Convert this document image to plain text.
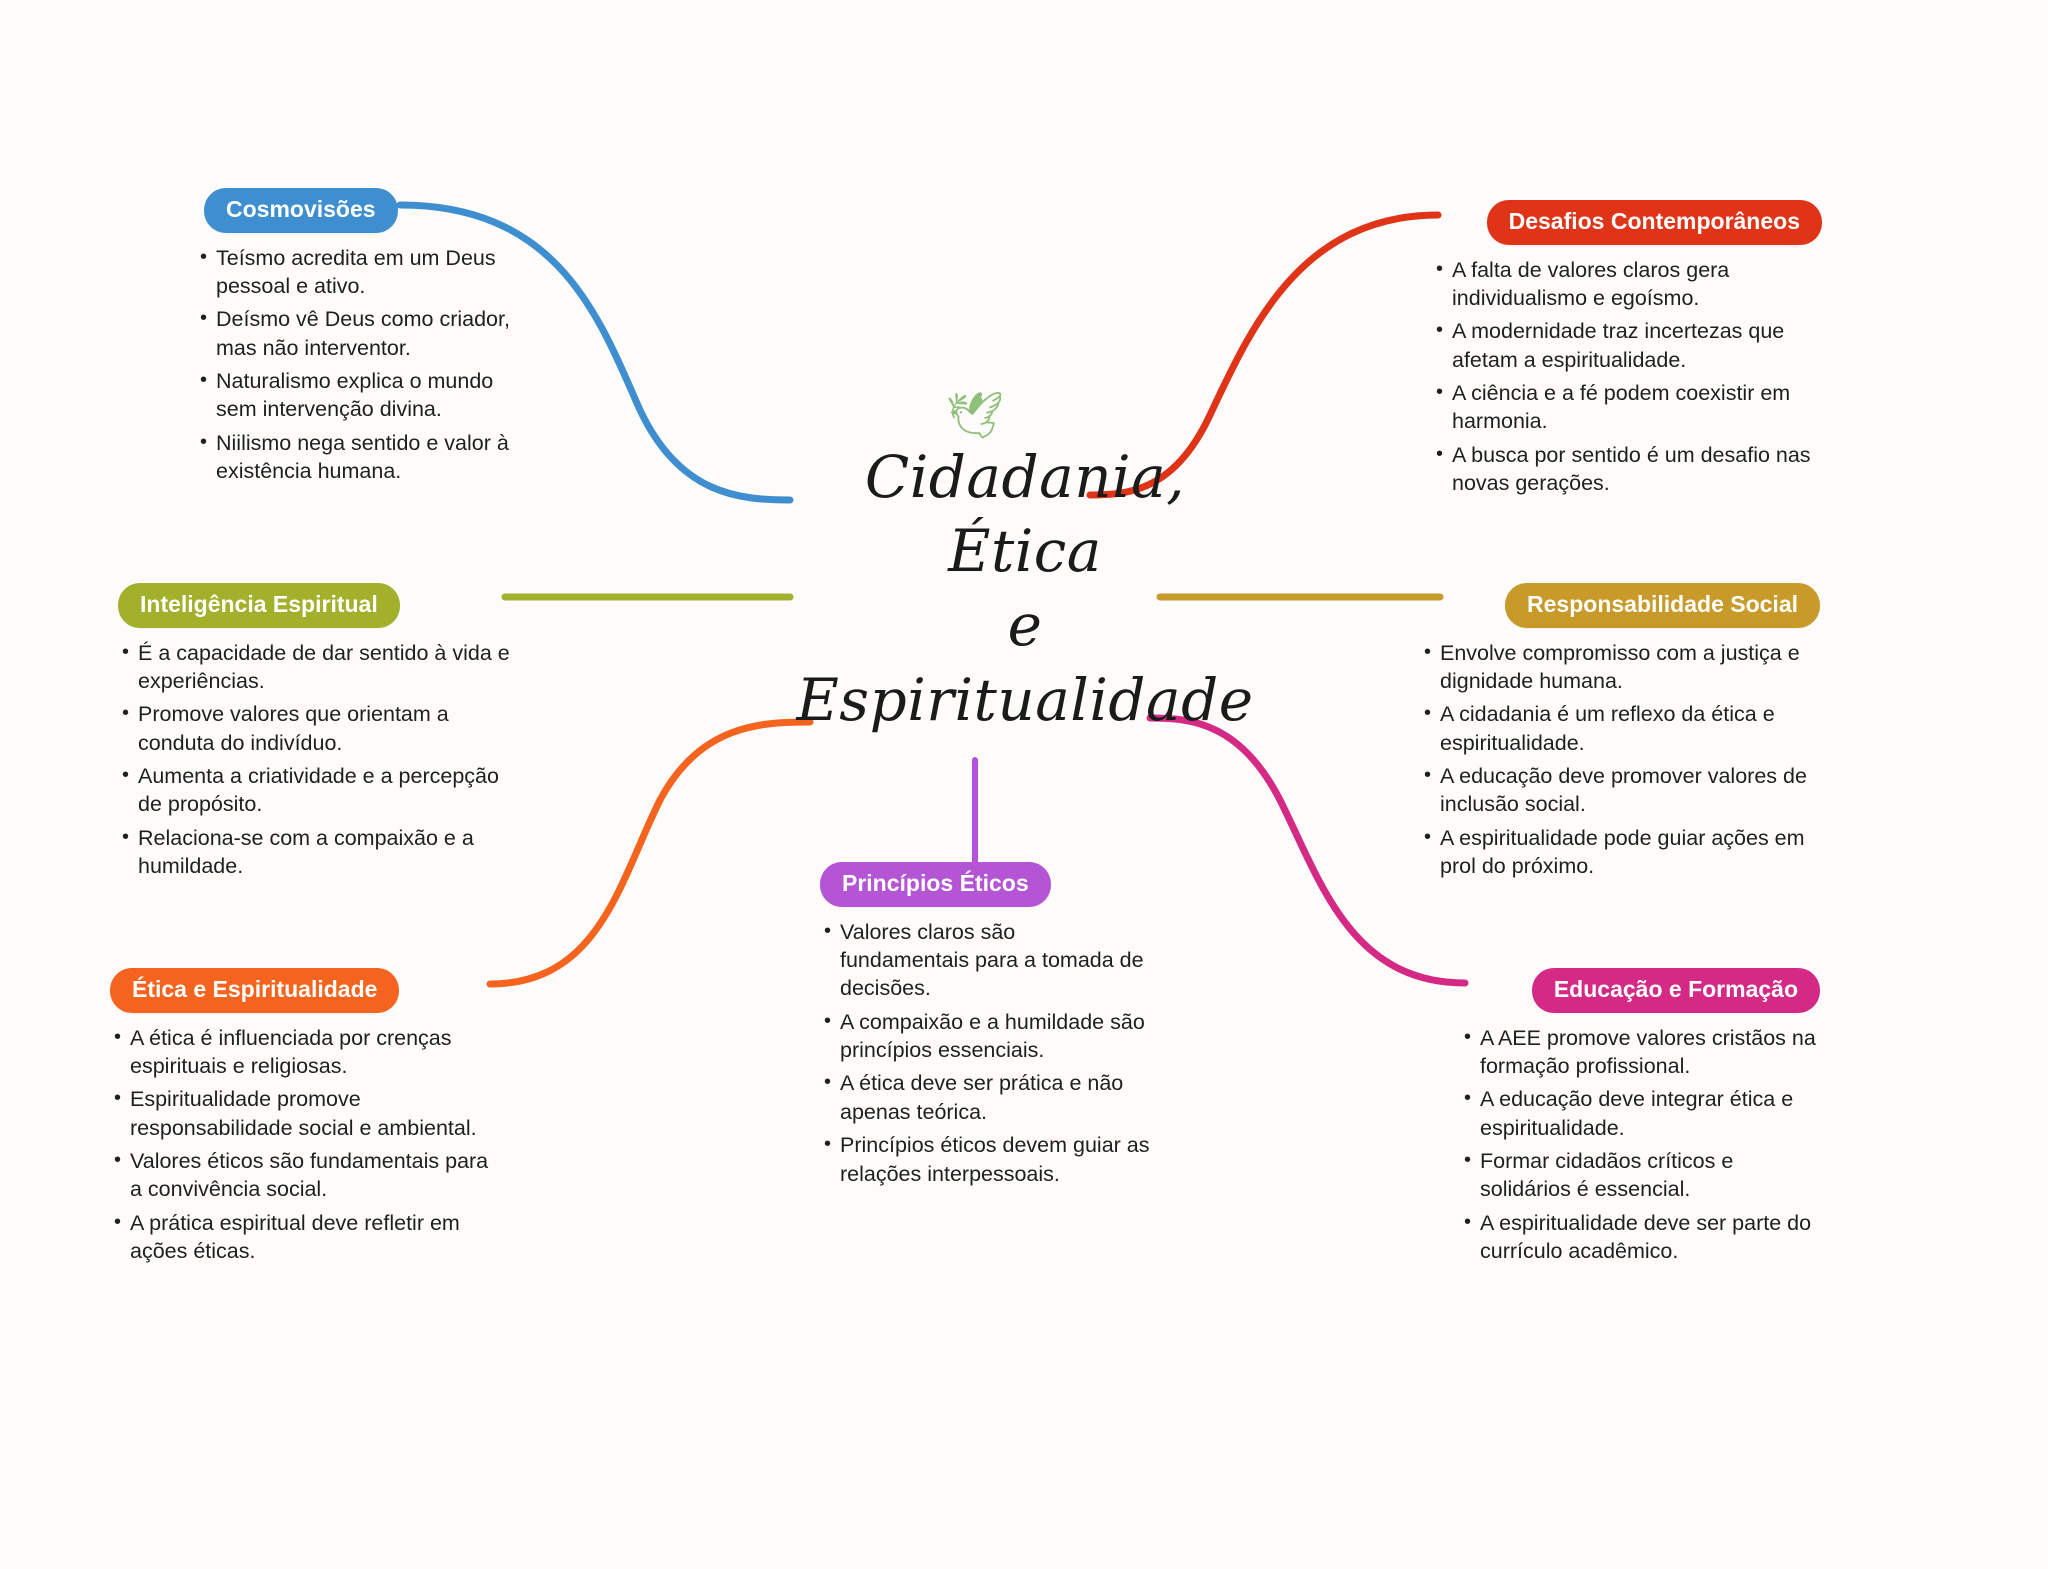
🕊
Cidadania,
Ética
e
Espiritualidade
Cosmovisões
• Teísmo acredita em um Deus pessoal e ativo.
• Deísmo vê Deus como criador, mas não interventor.
• Naturalismo explica o mundo sem intervenção divina.
• Niilismo nega sentido e valor à existência humana.
Inteligência Espiritual
• É a capacidade de dar sentido à vida e experiências.
• Promove valores que orientam a conduta do indivíduo.
• Aumenta a criatividade e a percepção de propósito.
• Relaciona-se com a compaixão e a humildade.
Ética e Espiritualidade
• A ética é influenciada por crenças espirituais e religiosas.
• Espiritualidade promove responsabilidade social e ambiental.
• Valores éticos são fundamentais para a convivência social.
• A prática espiritual deve refletir em ações éticas.
Desafios Contemporâneos
• A falta de valores claros gera individualismo e egoísmo.
• A modernidade traz incertezas que afetam a espiritualidade.
• A ciência e a fé podem coexistir em harmonia.
• A busca por sentido é um desafio nas novas gerações.
Responsabilidade Social
• Envolve compromisso com a justiça e dignidade humana.
• A cidadania é um reflexo da ética e espiritualidade.
• A educação deve promover valores de inclusão social.
• A espiritualidade pode guiar ações em prol do próximo.
Educação e Formação
• A AEE promove valores cristãos na formação profissional.
• A educação deve integrar ética e espiritualidade.
• Formar cidadãos críticos e solidários é essencial.
• A espiritualidade deve ser parte do currículo acadêmico.
Princípios Éticos
• Valores claros são fundamentais para a tomada de decisões.
• A compaixão e a humildade são princípios essenciais.
• A ética deve ser prática e não apenas teórica.
• Princípios éticos devem guiar as relações interpessoais.
